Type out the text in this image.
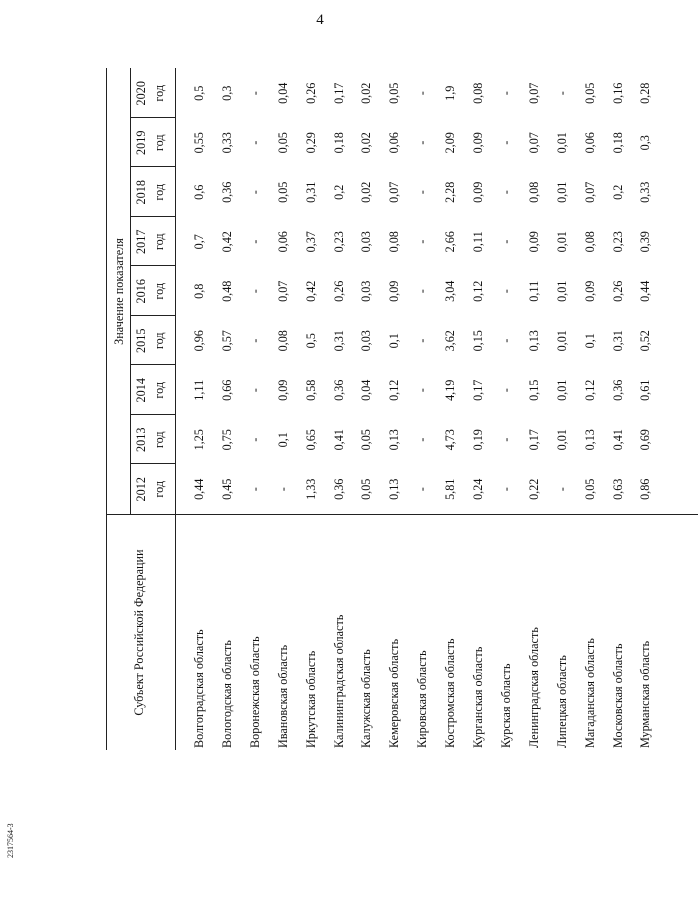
4
2317564-3
Субъект Российской Федерации
Значение показателя
2012 год
2013 год
2014 год
2015 год
2016 год
2017 год
2018 год
2019 год
2020 год
Волгоградская область
0,44
1,25
1,11
0,96
0,8
0,7
0,6
0,55
0,5
Вологодская область
0,45
0,75
0,66
0,57
0,48
0,42
0,36
0,33
0,3
Воронежская область
-
-
-
-
-
-
-
-
-
Ивановская область
-
0,1
0,09
0,08
0,07
0,06
0,05
0,05
0,04
Иркутская область
1,33
0,65
0,58
0,5
0,42
0,37
0,31
0,29
0,26
Калининградская область
0,36
0,41
0,36
0,31
0,26
0,23
0,2
0,18
0,17
Калужская область
0,05
0,05
0,04
0,03
0,03
0,03
0,02
0,02
0,02
Кемеровская область
0,13
0,13
0,12
0,1
0,09
0,08
0,07
0,06
0,05
Кировская область
-
-
-
-
-
-
-
-
-
Костромская область
5,81
4,73
4,19
3,62
3,04
2,66
2,28
2,09
1,9
Курганская область
0,24
0,19
0,17
0,15
0,12
0,11
0,09
0,09
0,08
Курская область
-
-
-
-
-
-
-
-
-
Ленинградская область
0,22
0,17
0,15
0,13
0,11
0,09
0,08
0,07
0,07
Липецкая область
-
0,01
0,01
0,01
0,01
0,01
0,01
0,01
-
Магаданская область
0,05
0,13
0,12
0,1
0,09
0,08
0,07
0,06
0,05
Московская область
0,63
0,41
0,36
0,31
0,26
0,23
0,2
0,18
0,16
Мурманская область
0,86
0,69
0,61
0,52
0,44
0,39
0,33
0,3
0,28
